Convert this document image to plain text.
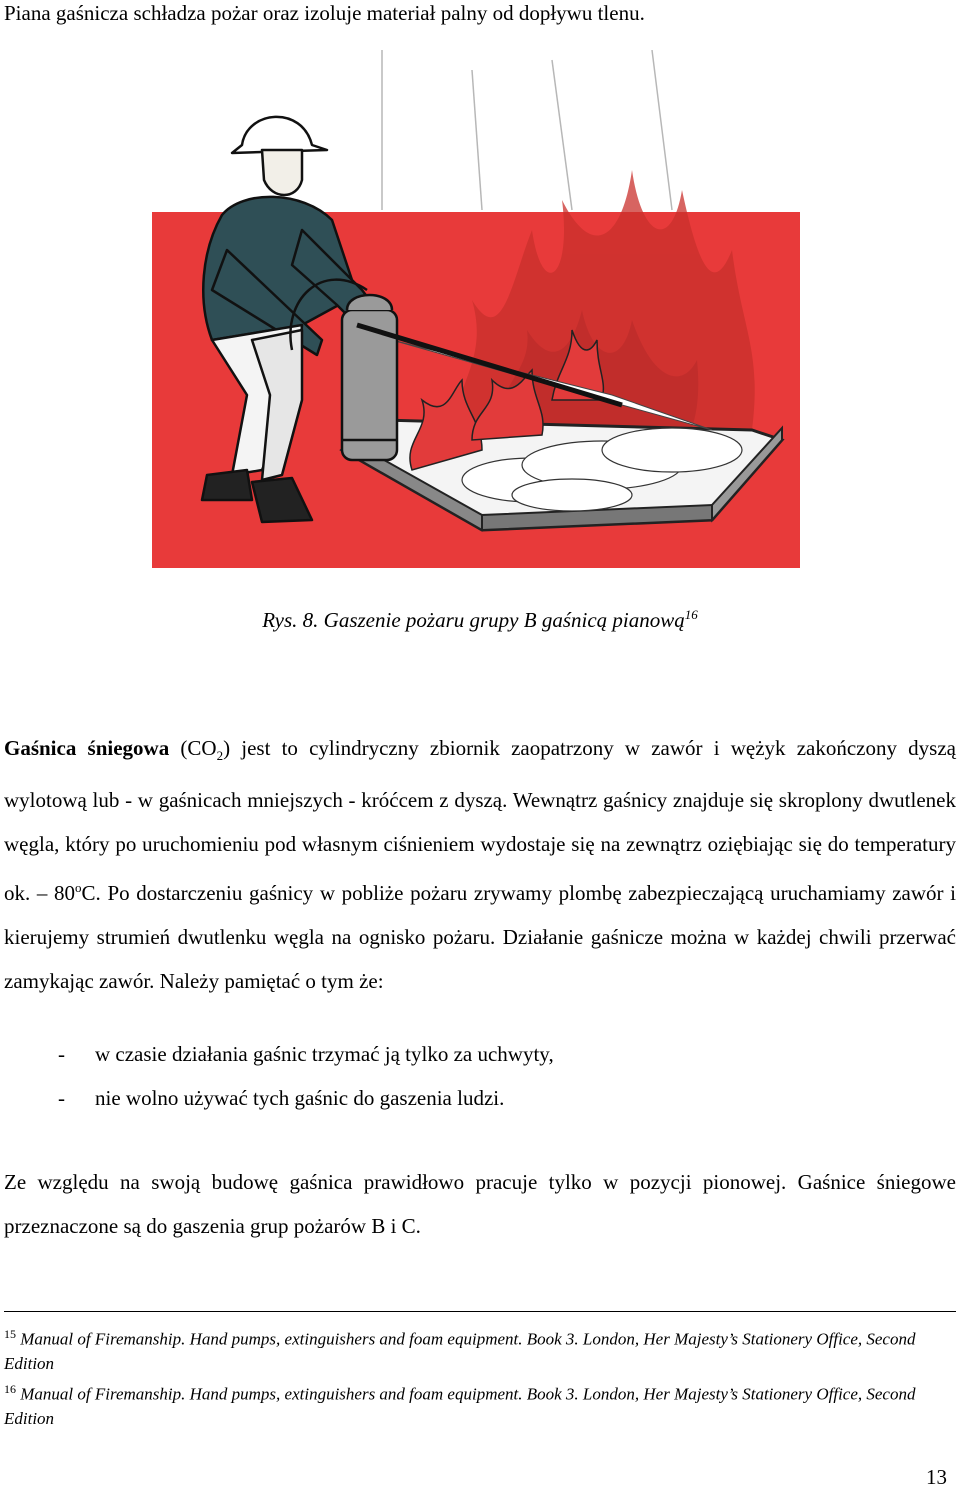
Piana gaśnicza schładza pożar oraz izoluje materiał palny od dopływu tlenu.
Rys. 8. Gaszenie pożaru grupy B gaśnicą pianową$^{16}$
Gaśnica śniegowa $(CO_2)$ jest to cylindryczny zbiornik zaopatrzony w zawór i wężyk zakończony dyszą wylotową lub - w gaśnicach mniejszych - króćcem z dyszą. Wewnątrz gaśnicy znajduje się skroplony dwutlenek węgla, który po uruchomieniu pod własnym ciśnieniem wydostaje się na zewnątrz oziębiając się do temperatury ok. – 80$^o$C. Po dostarczeniu gaśnicy w pobliże pożaru zrywamy plombę zabezpieczającą uruchamiamy zawór i kierujemy strumień dwutlenku węgla na ognisko pożaru. Działanie gaśnicze można w każdej chwili przerwać zamykając zawór. Należy pamiętać o tym że:
-	w czasie działania gaśnic trzymać ją tylko za uchwyty,
-	nie wolno używać tych gaśnic do gaszenia ludzi.
Ze względu na swoją budowę gaśnica prawidłowo pracuje tylko w pozycji pionowej. Gaśnice śniegowe przeznaczone są do gaszenia grup pożarów B i C.
$^{15}$ Manual of Firemanship. Hand pumps, extinguishers and foam equipment. Book 3. London, Her Majesty’s Stationery Office, Second Edition
$^{16}$ Manual of Firemanship. Hand pumps, extinguishers and foam equipment. Book 3. London, Her Majesty’s Stationery Office, Second Edition
13
